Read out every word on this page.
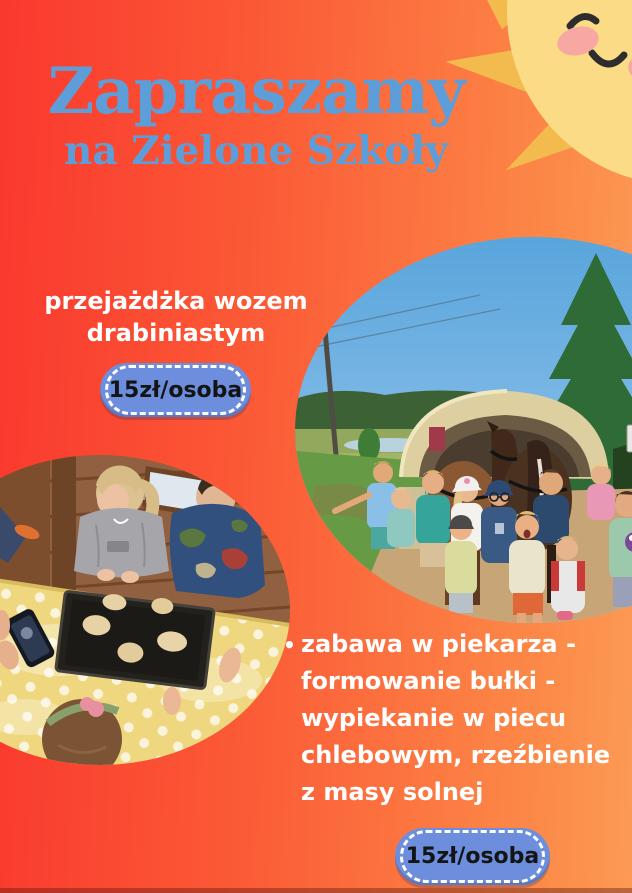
Zapraszamy
na Zielone Szkoły
przejażdżka wozem drabiniastym
15zł/osoba
• zabawa w piekarza - formowanie bułki - wypiekanie w piecu chlebowym, rzeźbienie z masy solnej
15zł/osoba
